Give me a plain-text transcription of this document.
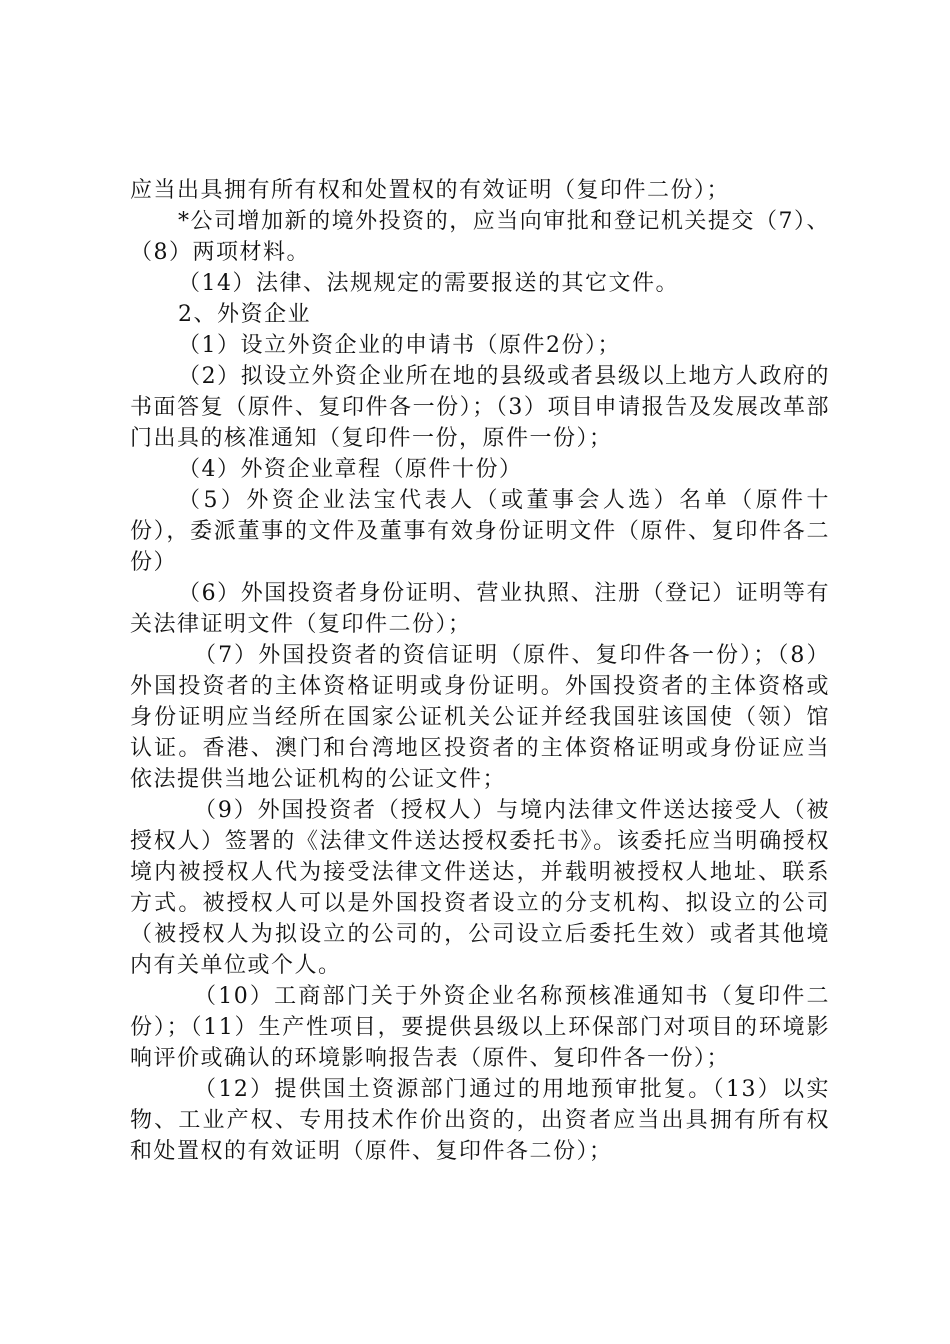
应当出具拥有所有权和处置权的有效证明（复印件二份）；

*公司增加新的境外投资的，应当向审批和登记机关提交（7）、（8）两项材料。

（14）法律、法规规定的需要报送的其它文件。

2、外资企业

（1）设立外资企业的申请书（原件2份）；

（2）拟设立外资企业所在地的县级或者县级以上地方人政府的书面答复（原件、复印件各一份）；（3）项目申请报告及发展改革部门出具的核准通知（复印件一份，原件一份）；

（4）外资企业章程（原件十份）

（5）外资企业法宝代表人（或董事会人选）名单（原件十份），委派董事的文件及董事有效身份证明文件（原件、复印件各二份）

（6）外国投资者身份证明、营业执照、注册（登记）证明等有关法律证明文件（复印件二份）；

（7）外国投资者的资信证明（原件、复印件各一份）；（8）外国投资者的主体资格证明或身份证明。外国投资者的主体资格或身份证明应当经所在国家公证机关公证并经我国驻该国使（领）馆认证。香港、澳门和台湾地区投资者的主体资格证明或身份证应当依法提供当地公证机构的公证文件；

（9）外国投资者（授权人）与境内法律文件送达接受人（被授权人）签署的《法律文件送达授权委托书》。该委托应当明确授权境内被授权人代为接受法律文件送达，并载明被授权人地址、联系方式。被授权人可以是外国投资者设立的分支机构、拟设立的公司（被授权人为拟设立的公司的，公司设立后委托生效）或者其他境内有关单位或个人。

（10）工商部门关于外资企业名称预核准通知书（复印件二份）；（11）生产性项目，要提供县级以上环保部门对项目的环境影响评价或确认的环境影响报告表（原件、复印件各一份）；

（12）提供国土资源部门通过的用地预审批复。（13）以实物、工业产权、专用技术作价出资的，出资者应当出具拥有所有权和处置权的有效证明（原件、复印件各二份）；
